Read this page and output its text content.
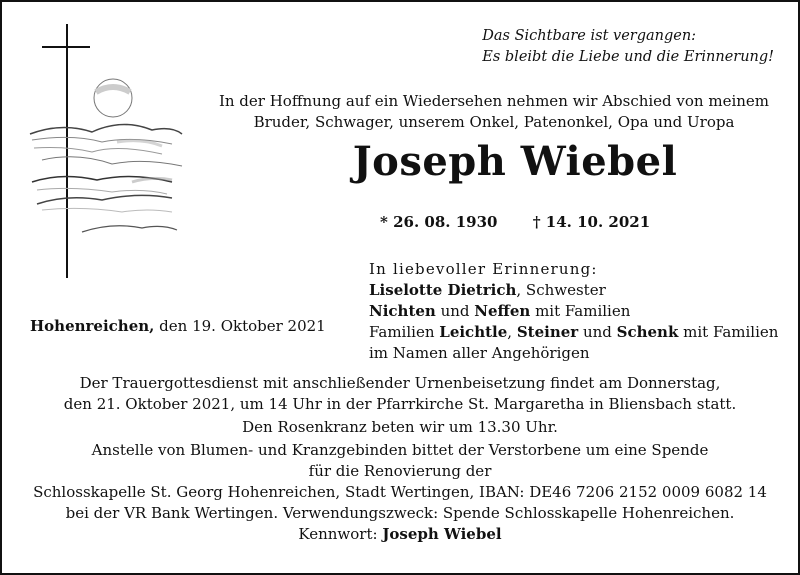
Das Sichtbare ist vergangen:
Es bleibt die Liebe und die Erinnerung!
In der Hoffnung auf ein Wiedersehen nehmen wir Abschied von meinem
Bruder, Schwager, unserem Onkel, Patenonkel, Opa und Uropa
Joseph Wiebel
* 26. 08. 1930 † 14. 10. 2021
In liebevoller Erinnerung:
Liselotte Dietrich, Schwester
Nichten und Neffen mit Familien
Familien Leichtle, Steiner und Schenk mit Familien
im Namen aller Angehörigen
Hohenreichen, den 19. Oktober 2021
Der Trauergottesdienst mit anschließender Urnenbeisetzung findet am Donnerstag,
den 21. Oktober 2021, um 14 Uhr in der Pfarrkirche St. Margaretha in Bliensbach statt.
Den Rosenkranz beten wir um 13.30 Uhr.
Anstelle von Blumen- und Kranzgebinden bittet der Verstorbene um eine Spende
für die Renovierung der
Schlosskapelle St. Georg Hohenreichen, Stadt Wertingen, IBAN: DE46 7206 2152 0009 6082 14
bei der VR Bank Wertingen. Verwendungszweck: Spende Schlosskapelle Hohenreichen.
Kennwort: Joseph Wiebel
